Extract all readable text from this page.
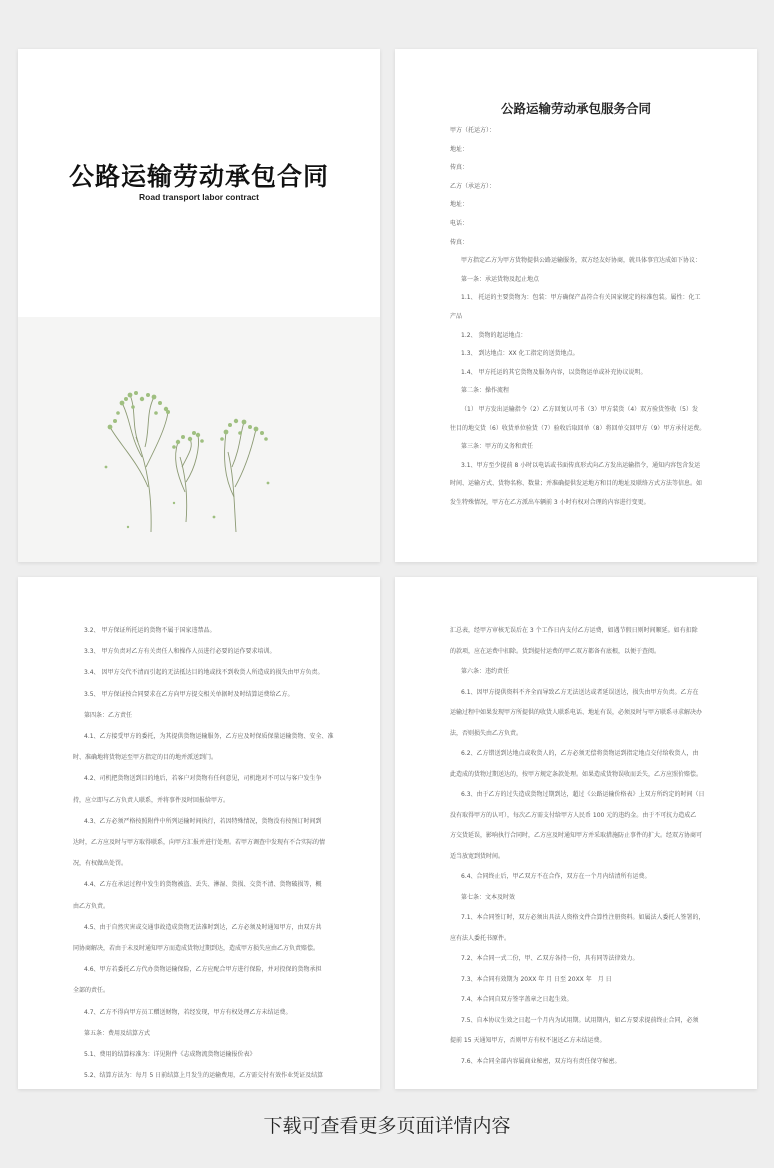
公路运输劳动承包合同
Road transport labor contract
公路运输劳动承包服务合同
甲方（托运方）：
地址：
传真：
乙方（承运方）：
地址：
电话：
传真：
甲方指定乙方为甲方货物提供公路运输服务，双方经友好协商，就具体事宜达成如下协议：
第一条：承运货物及起止地点
1.1、 托运的主要货物为：包装：甲方确保产品符合有关国家规定的标准包装。属性：化工
产品
1.2、 货物的起运地点：
1.3、 到达地点：XX 化工指定的送货地点。
1.4、 甲方托运的其它货物及服务内容，以货物运单或补充协议说明。
第二条：操作流程
（1） 甲方发出运输指令（2）乙方回复认可书（3）甲方装货（4）双方验货签收（5）发
往目的地交货（6）收货单位验货（7）验收后取回单（8）将回单交回甲方（9）甲方承付运费。
第三条：甲方的义务和责任
3.1、甲方至少提前 8 小时以电话或书面传真形式向乙方发出运输指令，通知内容包含发运
时间、运输方式、货物名称、数量；并准确提供发运地方和目的地址及联络方式方法等信息。如
发生特殊情况，甲方在乙方派出车辆前 3 小时有权对合理的内容进行变更。
3.2、 甲方保证所托运的货物不属于国家违禁品。
3.3、 甲方负责对乙方有关责任人和操作人员进行必要的运作要求培训。
3.4、 因甲方交代不清而引起的无法抵达目的地或找不到收货人所造成的损失由甲方负责。
3.5、 甲方保证按合同要求在乙方向甲方提交相关单据时及时结算运费给乙方。
第四条：乙方责任
4.1、乙方接受甲方的委托，为其提供货物运输服务，乙方应及时保质保量运输货物、安全、准
时、准确地将货物运至甲方指定的目的地并派送到门。
4.2、司机把货物送到目的地后，若客户对货物有任何意见，司机绝对不可以与客户发生争
持，应立即与乙方负责人联系，并将事件及时回报给甲方。
4.3、乙方必须严格按照附件中所列运输时间执行，若因特殊情况，货物没有按预订时间到
达时，乙方应及时与甲方取得联系，向甲方汇报并进行处理。若甲方调查中发现有不合实际的情
况，有权做出处罚。
4.4、乙方在承运过程中发生的货物被盗、丢失、淋湿、货损、交货不清、货物破损等，概
由乙方负责。
4.5、由于自然灾害或交通事故造成货物无法准时到达，乙方必须及时通知甲方，由双方共
同协商解决，若由于未及时通知甲方而造成货物过期到达，造成甲方损失应由乙方负责赔偿。
4.6、甲方若委托乙方代办货物运输保险，乙方应配合甲方进行保险，并对投保的货物承担
全部的责任。
4.7、乙方不得向甲方员工赠送财物，若经发现，甲方有权处理乙方未结运费。
第五条：费用及结算方式
5.1、费用的结算标准为：详见附件《志成物流货物运输报价表》
5.2、结算方法为：每月 5 日前结算上月发生的运输费用，乙方需交付有效作业凭证及结算
汇总表，经甲方审核无误后在 3 个工作日内支付乙方运费，如遇节假日则时间顺延。如有扣除
的款项，应在运费中扣除。货到提付运费的甲乙双方都备有底根，以便于查阅。
第六条：违约责任
6.1、因甲方提供资料不齐全而导致乙方无法送达或者延误送达，损失由甲方负责。乙方在
运输过程中如果发现甲方所提供的收货人联系电话、地址有误，必须及时与甲方联系寻求解决办
法，否则损失由乙方负责。
6.2、乙方错送到达地点或收货人的，乙方必须无偿将货物运到指定地点交付给收货人，由
此造成的货物过期送达的，按甲方规定条款处理。如果造成货物误收而丢失，乙方应照价赔偿。
6.3、由于乙方的过失造成货物过期到达，超过《公路运输价格表》上双方所约定的时间（日
没有取得甲方的认可），每次乙方需支付给甲方人民币 100 元的违约金。由于不可抗力造成乙
方交货延误，影响执行合同时，乙方应及时通知甲方并采取措施防止事件的扩大。经双方协商可
适当放宽到货时间。
6.4、合同终止后，甲乙双方不在合作，双方在一个月内结清所有运费。
第七条：文本及时效
7.1、本合同签订时，双方必须出具法人资格文件合算性注册资料。如属法人委托人签署的，
应有法人委托书原件。
7.2、本合同一式二份，甲、乙双方各持一份，具有同等法律效力。
7.3、本合同有效期为 20XX 年 月 日至 20XX 年　月 日
7.4、本合同自双方签字盖章之日起生效。
7.5、自本协议生效之日起一个月内为试用期。试用期内，如乙方要求提前终止合同，必须
提前 15 天通知甲方，否则甲方有权不退还乙方未结运费。
7.6、本合同全部内容属商业秘密，双方均有责任保守秘密。
下载可查看更多页面详情内容
